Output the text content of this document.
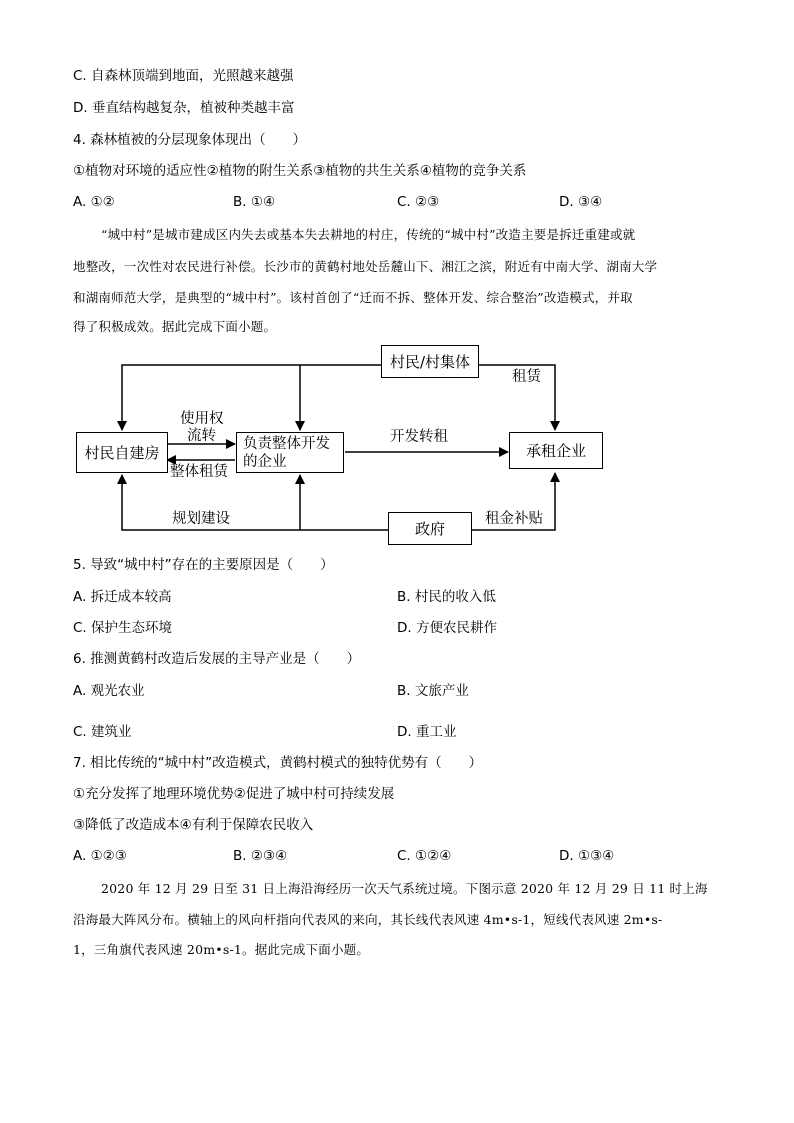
C. 自森林顶端到地面，光照越来越强
D. 垂直结构越复杂，植被种类越丰富
4. 森林植被的分层现象体现出（　　）
①植物对环境的适应性②植物的附生关系③植物的共生关系④植物的竞争关系
A. ①②	B. ①④	C. ②③	D. ③④
“城中村”是城市建成区内失去或基本失去耕地的村庄，传统的“城中村”改造主要是拆迁重建或就
地整改，一次性对农民进行补偿。长沙市的黄鹤村地处岳麓山下、湘江之滨，附近有中南大学、湖南大学
和湖南师范大学，是典型的“城中村”。该村首创了“迁而不拆、整体开发、综合整治”改造模式，并取
得了积极成效。据此完成下面小题。
村民/村集体
村民自建房	负责整体开发
的企业
承租企业
政府
租赁
使用权
流转
整体租赁
开发转租
规划建设	租金补贴
5. 导致“城中村”存在的主要原因是（　　）
A. 拆迁成本较高	B. 村民的收入低
C. 保护生态环境	D. 方便农民耕作
6. 推测黄鹤村改造后发展的主导产业是（　　）
A. 观光农业	B. 文旅产业
C. 建筑业	D. 重工业
7. 相比传统的“城中村”改造模式，黄鹤村模式的独特优势有（　　）
①充分发挥了地理环境优势②促进了城中村可持续发展
③降低了改造成本④有利于保障农民收入
A. ①②③	B. ②③④	C. ①②④	D. ①③④
2020 年 12 月 29 日至 31 日上海沿海经历一次天气系统过境。下图示意 2020 年 12 月 29 日 11 时上海
沿海最大阵风分布。横轴上的风向杆指向代表风的来向，其长线代表风速 4m•s-1，短线代表风速 2m•s-
1，三角旗代表风速 20m•s-1。据此完成下面小题。
